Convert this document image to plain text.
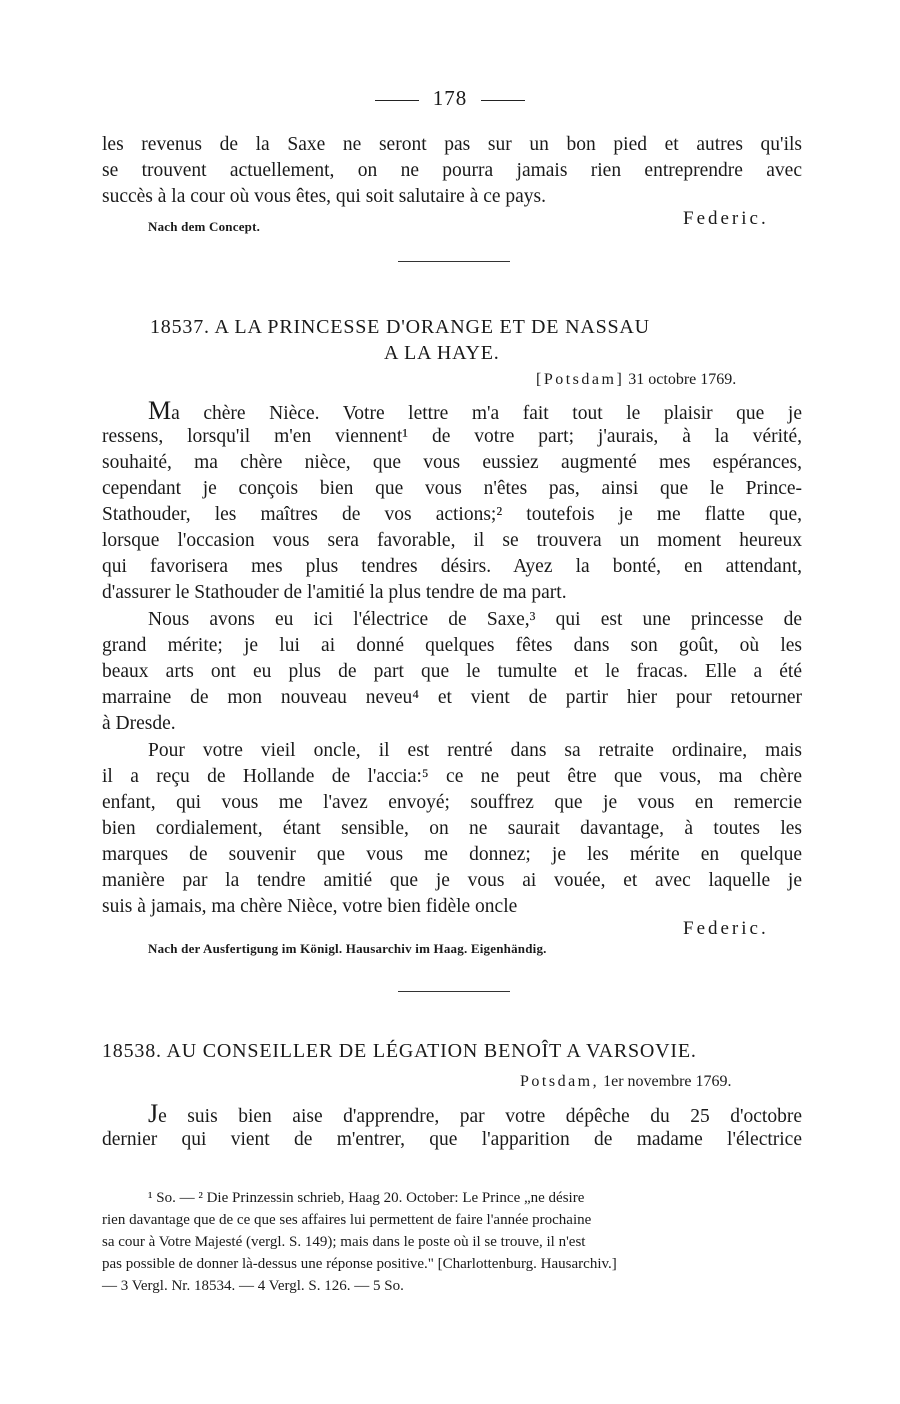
178
les revenus de la Saxe ne seront pas sur un bon pied et autres qu'ils
se trouvent actuellement, on ne pourra jamais rien entreprendre avec
succès à la cour où vous êtes, qui soit salutaire à ce pays.
Nach dem Concept.	Federic.
18537. A LA PRINCESSE D'ORANGE ET DE NASSAU
A LA HAYE.
[Potsdam] 31 octobre 1769.
Ma chère Nièce. Votre lettre m'a fait tout le plaisir que je
ressens, lorsqu'il m'en viennent¹ de votre part; j'aurais, à la vérité,
souhaité, ma chère nièce, que vous eussiez augmenté mes espérances,
cependant je conçois bien que vous n'êtes pas, ainsi que le Prince-
Stathouder, les maîtres de vos actions;² toutefois je me flatte que,
lorsque l'occasion vous sera favorable, il se trouvera un moment heureux
qui favorisera mes plus tendres désirs. Ayez la bonté, en attendant,
d'assurer le Stathouder de l'amitié la plus tendre de ma part.
Nous avons eu ici l'électrice de Saxe,³ qui est une princesse de
grand mérite; je lui ai donné quelques fêtes dans son goût, où les
beaux arts ont eu plus de part que le tumulte et le fracas. Elle a été
marraine de mon nouveau neveu⁴ et vient de partir hier pour retourner
à Dresde.
Pour votre vieil oncle, il est rentré dans sa retraite ordinaire, mais
il a reçu de Hollande de l'accia:⁵ ce ne peut être que vous, ma chère
enfant, qui vous me l'avez envoyé; souffrez que je vous en remercie
bien cordialement, étant sensible, on ne saurait davantage, à toutes les
marques de souvenir que vous me donnez; je les mérite en quelque
manière par la tendre amitié que je vous ai vouée, et avec laquelle je
suis à jamais, ma chère Nièce, votre bien fidèle oncle
Federic.
Nach der Ausfertigung im Königl. Hausarchiv im Haag. Eigenhändig.
18538. AU CONSEILLER DE LÉGATION BENOÎT A VARSOVIE.
Potsdam, 1er novembre 1769.
Je suis bien aise d'apprendre, par votre dépêche du 25 d'octobre
dernier qui vient de m'entrer, que l'apparition de madame l'électrice
¹ So. — ² Die Prinzessin schrieb, Haag 20. October: Le Prince „ne désire
rien davantage que de ce que ses affaires lui permettent de faire l'année prochaine
sa cour à Votre Majesté (vergl. S. 149); mais dans le poste où il se trouve, il n'est
pas possible de donner là-dessus une réponse positive." [Charlottenburg. Hausarchiv.]
— 3 Vergl. Nr. 18534. — 4 Vergl. S. 126. — 5 So.
